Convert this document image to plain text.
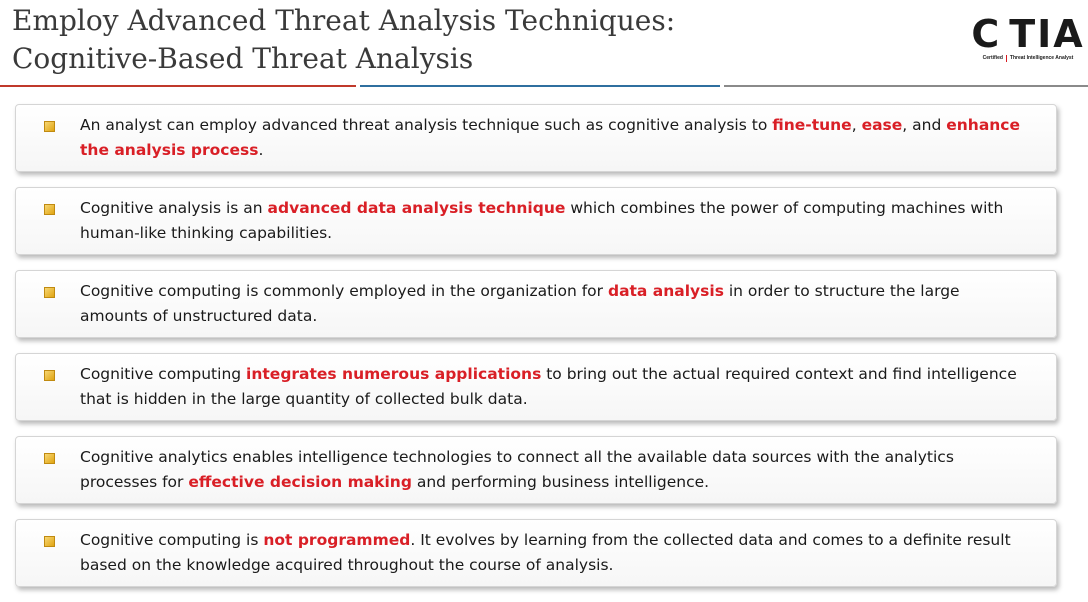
Employ Advanced Threat Analysis Techniques:
Cognitive-Based Threat Analysis
C TIA
Certified Threat Intelligence Analyst
An analyst can employ advanced threat analysis technique such as cognitive analysis to fine-tune, ease, and enhance the analysis process.
Cognitive analysis is an advanced data analysis technique which combines the power of computing machines with human-like thinking capabilities.
Cognitive computing is commonly employed in the organization for data analysis in order to structure the large amounts of unstructured data.
Cognitive computing integrates numerous applications to bring out the actual required context and find intelligence that is hidden in the large quantity of collected bulk data.
Cognitive analytics enables intelligence technologies to connect all the available data sources with the analytics processes for effective decision making and performing business intelligence.
Cognitive computing is not programmed. It evolves by learning from the collected data and comes to a definite result based on the knowledge acquired throughout the course of analysis.
